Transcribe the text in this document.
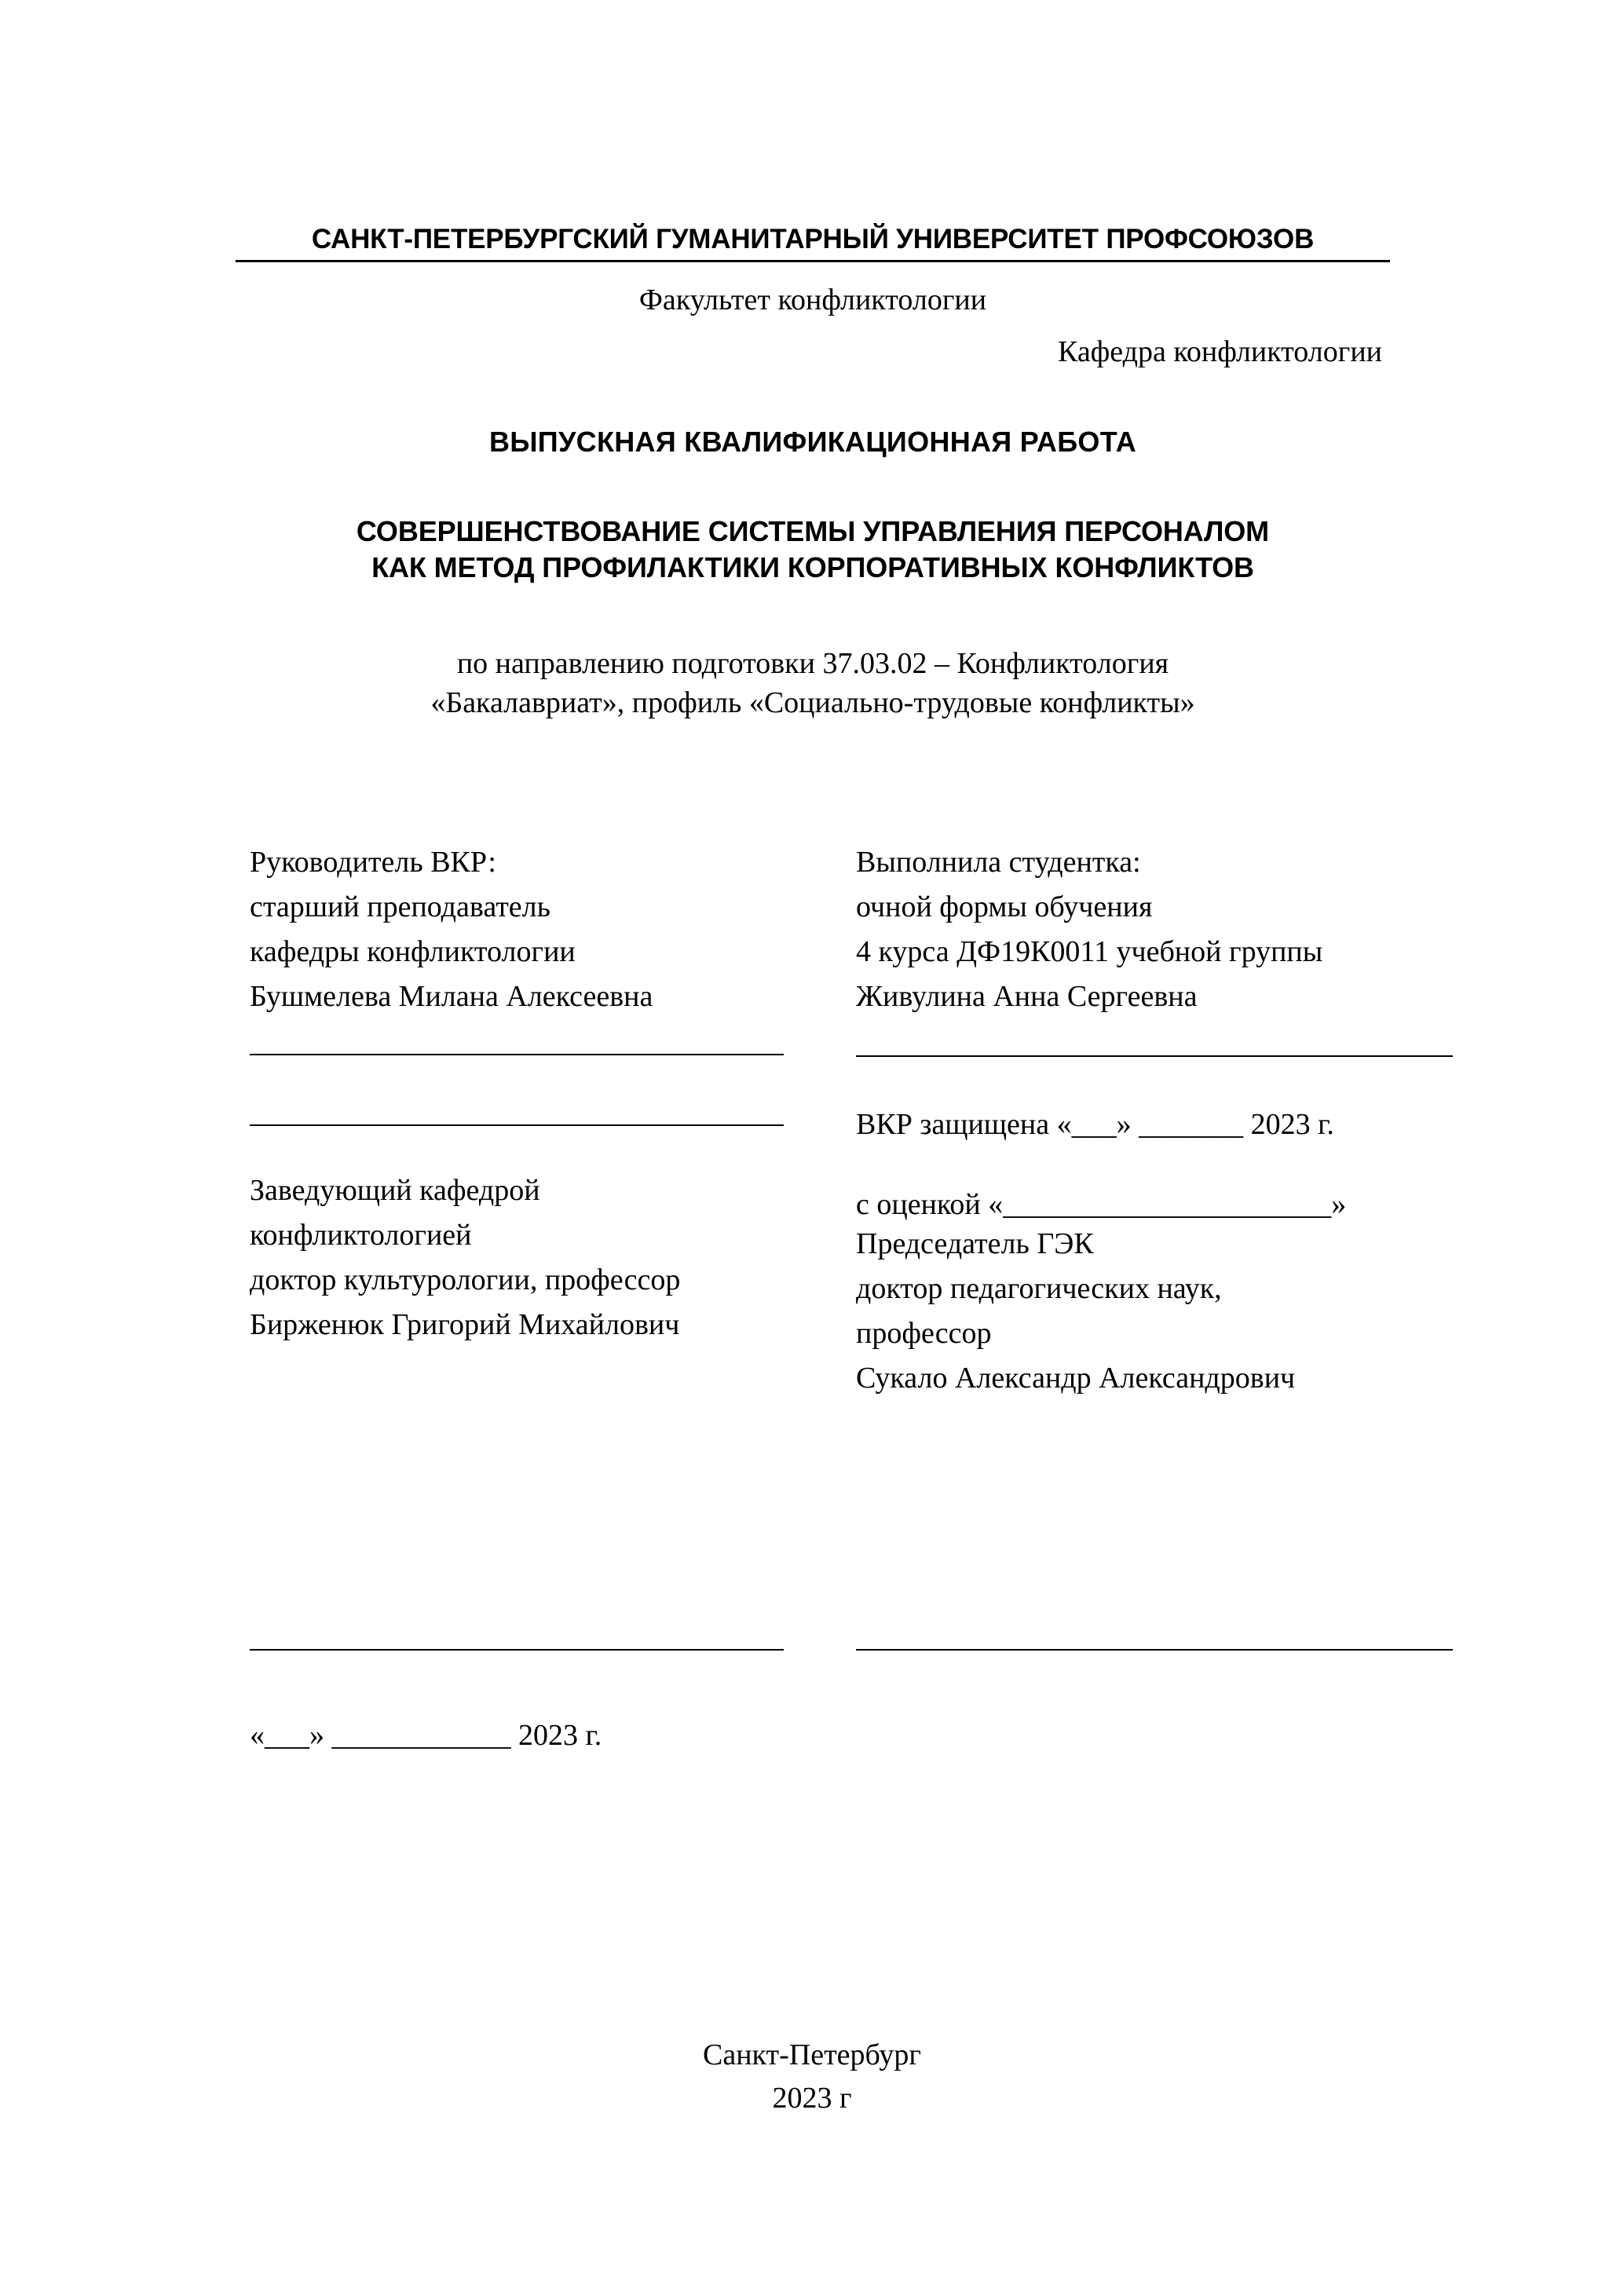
САНКТ-ПЕТЕРБУРГСКИЙ ГУМАНИТАРНЫЙ УНИВЕРСИТЕТ ПРОФСОЮЗОВ
Факультет конфликтологии
Кафедра конфликтологии
ВЫПУСКНАЯ КВАЛИФИКАЦИОННАЯ РАБОТА
СОВЕРШЕНСТВОВАНИЕ СИСТЕМЫ УПРАВЛЕНИЯ ПЕРСОНАЛОМ
КАК МЕТОД ПРОФИЛАКТИКИ КОРПОРАТИВНЫХ КОНФЛИКТОВ
по направлению подготовки 37.03.02 – Конфликтология
«Бакалавриат», профиль «Социально-трудовые конфликты»
Руководитель ВКР:
старший преподаватель
кафедры конфликтологии
Бушмелева Милана Алексеевна
Заведующий кафедрой
конфликтологией
доктор культурологии, профессор
Бирженюк Григорий Михайлович
Выполнила студентка:
очной формы обучения
4 курса ДФ19К0011 учебной группы
Живулина Анна Сергеевна
ВКР защищена «___» _______ 2023 г.
с оценкой «______________________»
Председатель ГЭК
доктор педагогических наук,
профессор
Сукало Александр Александрович
«___» ____________ 2023 г.
Санкт-Петербург
2023 г
